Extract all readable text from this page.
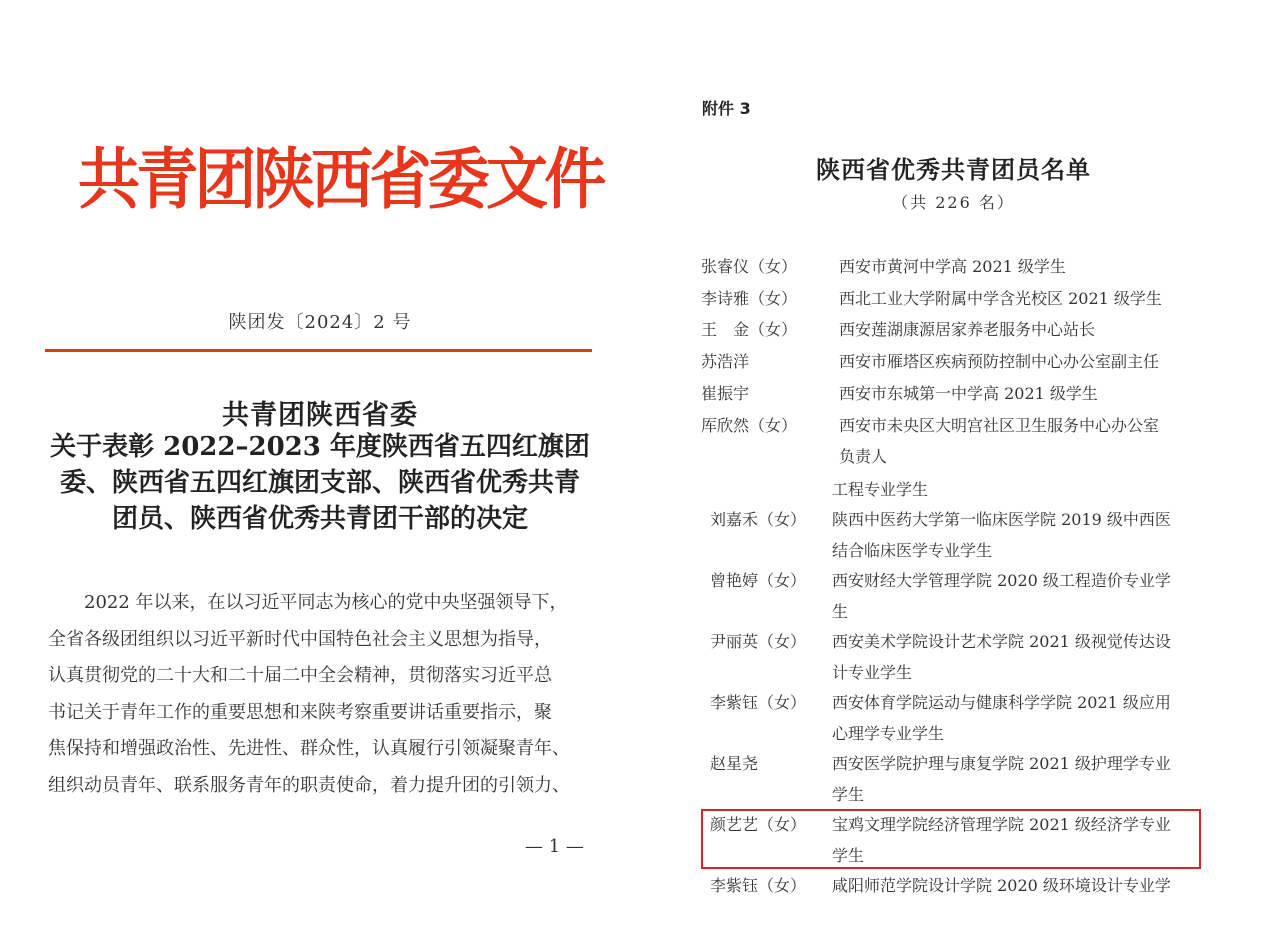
共青团陕西省委文件
陕团发〔2024〕2 号
共青团陕西省委
关于表彰 2022–2023 年度陕西省五四红旗团
委、陕西省五四红旗团支部、陕西省优秀共青
团员、陕西省优秀共青团干部的决定
　　2022 年以来，在以习近平同志为核心的党中央坚强领导下，
全省各级团组织以习近平新时代中国特色社会主义思想为指导，
认真贯彻党的二十大和二十届二中全会精神，贯彻落实习近平总
书记关于青年工作的重要思想和来陕考察重要讲话重要指示，聚
焦保持和增强政治性、先进性、群众性，认真履行引领凝聚青年、
组织动员青年、联系服务青年的职责使命，着力提升团的引领力、
— 1 —
附件 3
陕西省优秀共青团员名单
（共 226 名）
张睿仪（女）	西安市黄河中学高 2021 级学生
李诗雅（女）	西北工业大学附属中学含光校区 2021 级学生
王　金（女）	西安莲湖康源居家养老服务中心站长
苏浩洋	西安市雁塔区疾病预防控制中心办公室副主任
崔振宇	西安市东城第一中学高 2021 级学生
厍欣然（女）	西安市未央区大明宫社区卫生服务中心办公室
负责人
工程专业学生
刘嘉禾（女） 陕西中医药大学第一临床医学院 2019 级中西医
结合临床医学专业学生
曾艳婷（女） 西安财经大学管理学院 2020 级工程造价专业学
生
尹丽英（女） 西安美术学院设计艺术学院 2021 级视觉传达设
计专业学生
李紫钰（女） 西安体育学院运动与健康科学学院 2021 级应用
心理学专业学生
赵星尧	西安医学院护理与康复学院 2021 级护理学专业
学生
颜艺艺（女） 宝鸡文理学院经济管理学院 2021 级经济学专业
学生
李紫钰（女） 咸阳师范学院设计学院 2020 级环境设计专业学
